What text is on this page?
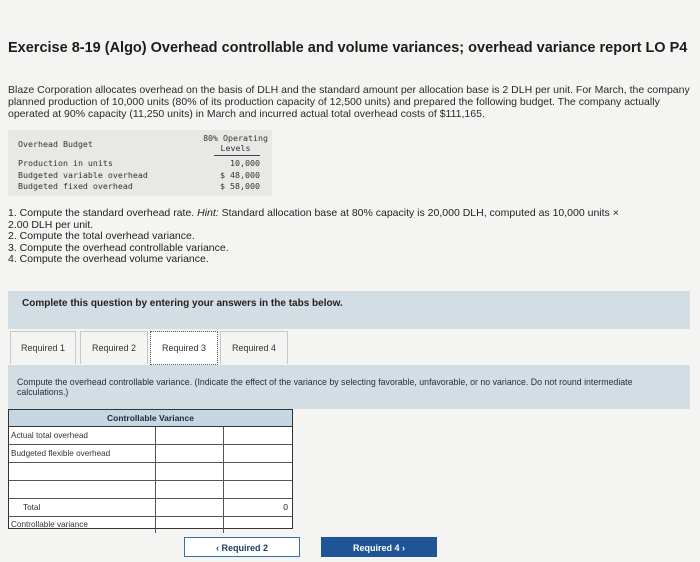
Exercise 8-19 (Algo) Overhead controllable and volume variances; overhead variance report LO P4
Blaze Corporation allocates overhead on the basis of DLH and the standard amount per allocation base is 2 DLH per unit. For March, the company planned production of 10,000 units (80% of its production capacity of 12,500 units) and prepared the following budget. The company actually operated at 90% capacity (11,250 units) in March and incurred actual total overhead costs of $111,165.
Overhead Budget
80% Operating
Levels
Production in units	10,000
Budgeted variable overhead	$ 48,000
Budgeted fixed overhead	$ 58,000

1. Compute the standard overhead rate. Hint: Standard allocation base at 80% capacity is 20,000 DLH, computed as 10,000 units ×

2.00 DLH per unit.

2. Compute the total overhead variance.

3. Compute the overhead controllable variance.

4. Compute the overhead volume variance.

Complete this question by entering your answers in the tabs below.
Required 1	Required 2	Required 3	Required 4
Compute the overhead controllable variance. (Indicate the effect of the variance by selecting favorable, unfavorable, or no variance. Do not round intermediate calculations.)
Controllable Variance
Actual total overhead
Budgeted flexible overhead
Total	0
Controllable variance
‹ Required 2	Required 4 ›
